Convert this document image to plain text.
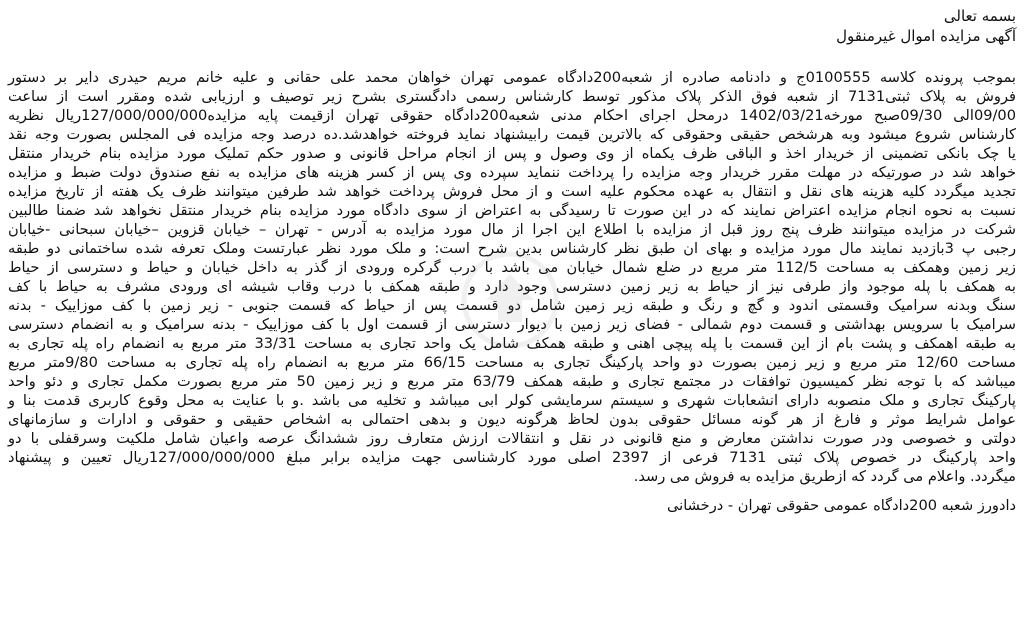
بسمه تعالی

آگهی مزایده اموال غیرمنقول

بموجب پرونده کلاسه 0100555ج و دادنامه صادره از شعبه200دادگاه عمومی تهران خواهان محمد علی حقانی و علیه خانم مریم حیدری دایر بر دستور

فروش به پلاک ثبتی7131 از شعبه فوق الذکر پلاک مذکور توسط کارشناس رسمی دادگستری بشرح زیر توصیف و ارزیابی شده ومقرر است از ساعت

09/00الی 09/30صبح مورخه1402/03/21 درمحل اجرای احکام مدنی شعبه200دادگاه حقوقی تهران ازقیمت پایه مزایده127/000/000/000ریال نظریه

کارشناس شروع میشود وبه هرشخص حقیقی وحقوقی که بالاترین قیمت رابیشنهاد نماید فروخته خواهدشد.ده درصد وجه مزایده فی المجلس بصورت وجه نقد

یا چک بانکی تضمینی از خریدار اخذ و الباقی ظرف یکماه از وی وصول و پس از انجام مراحل قانونی و صدور حکم تملیک مورد مزایده بنام خریدار منتقل

خواهد شد در صورتیکه در مهلت مقرر خریدار وجه مزایده را پرداخت ننماید سپرده وی پس از کسر هزینه های مزایده به نفع صندوق دولت ضبط و مزایده

تجدید میگردد کلیه هزینه های نقل و انتقال به عهده محکوم علیه است و از محل فروش پرداخت خواهد شد طرفین میتوانند ظرف یک هفته از تاریخ مزایده

نسبت به نحوه انجام مزایده اعتراض نمایند که در این صورت تا رسیدگی به اعتراض از سوی دادگاه مورد مزایده بنام خریدار منتقل نخواهد شد ضمنا طالبین

شرکت در مزایده میتوانند ظرف پنج روز قبل از مزایده با اطلاع این اجرا از مال مورد مزایده به آدرس - تهران – خیابان قزوین –خیابان سبحانی -خیابان

رجبی پ 3بازدید نمایند مال مورد مزایده و بهای ان طبق نظر کارشناس بدین شرح است: و ملک مورد نظر عبارتست وملک تعرفه شده ساختمانی دو طبقه

زیر زمین وهمکف به مساحت 112/5 متر مربع در ضلع شمال خیابان می باشد با درب گرکره ورودی از گذر به داخل خیابان و حیاط و دسترسی از حیاط

به همکف با پله موجود واز طرفی نیز از حیاط به زیر زمین دسترسی وجود دارد و طبقه همکف با درب وقاب شیشه ای ورودی مشرف به حیاط با کف

سنگ وبدنه سرامیک وقسمتی اندود و گچ و رنگ و طبقه زیر زمین شامل دو قسمت پس از حیاط که قسمت جنوبی - زیر زمین با کف موزاییک - بدنه

سرامیک با سرویس بهداشتی و قسمت دوم شمالی - فضای زیر زمین با دیوار دسترسی از قسمت اول با کف موزاییک - بدنه سرامیک و به انضمام دسترسی

به طبقه اهمکف و پشت بام از این قسمت با پله پیچی اهنی و طبقه همکف شامل یک واحد تجاری به مساحت 33/31 متر مربع به انضمام راه پله تجاری به

مساحت 12/60 متر مربع و زیر زمین بصورت دو واحد پارکینگ تجاری به مساحت 66/15 متر مربع به انضمام راه پله تجاری به مساحت 9/80متر مربع

میباشد که با توجه نظر کمیسیون توافقات در مجتمع تجاری و طبقه همکف 63/79 متر مربع و زیر زمین 50 متر مربع بصورت مکمل تجاری و دئو واحد

پارکینگ تجاری و ملک منصوبه دارای انشعابات شهری و سیستم سرمایشی کولر ابی میباشد و تخلیه می باشد .و با عنایت به محل وقوع کاربری قدمت بنا و

عوامل شرایط موثر و فارغ از هر گونه مسائل حقوقی بدون لحاظ هرگونه دیون و بدهی احتمالی به اشخاص حقیقی و حقوقی و ادارات و سازمانهای

دولتی و خصوصی ودر صورت نداشتن معارض و منع قانونی در نقل و انتقالات ارزش متعارف روز ششدانگ عرصه واعیان شامل ملکیت وسرقفلی با دو

واحد پارکینگ در خصوص پلاک ثبتی 7131 فرعی از 2397 اصلی مورد کارشناسی جهت مزایده برابر مبلغ 127/000/000/000ریال تعیین و پیشنهاد

میگردد. واعلام می گردد که ازطریق مزایده به فروش می رسد.

دادورز شعبه 200دادگاه عمومی حقوقی تهران - درخشانی
